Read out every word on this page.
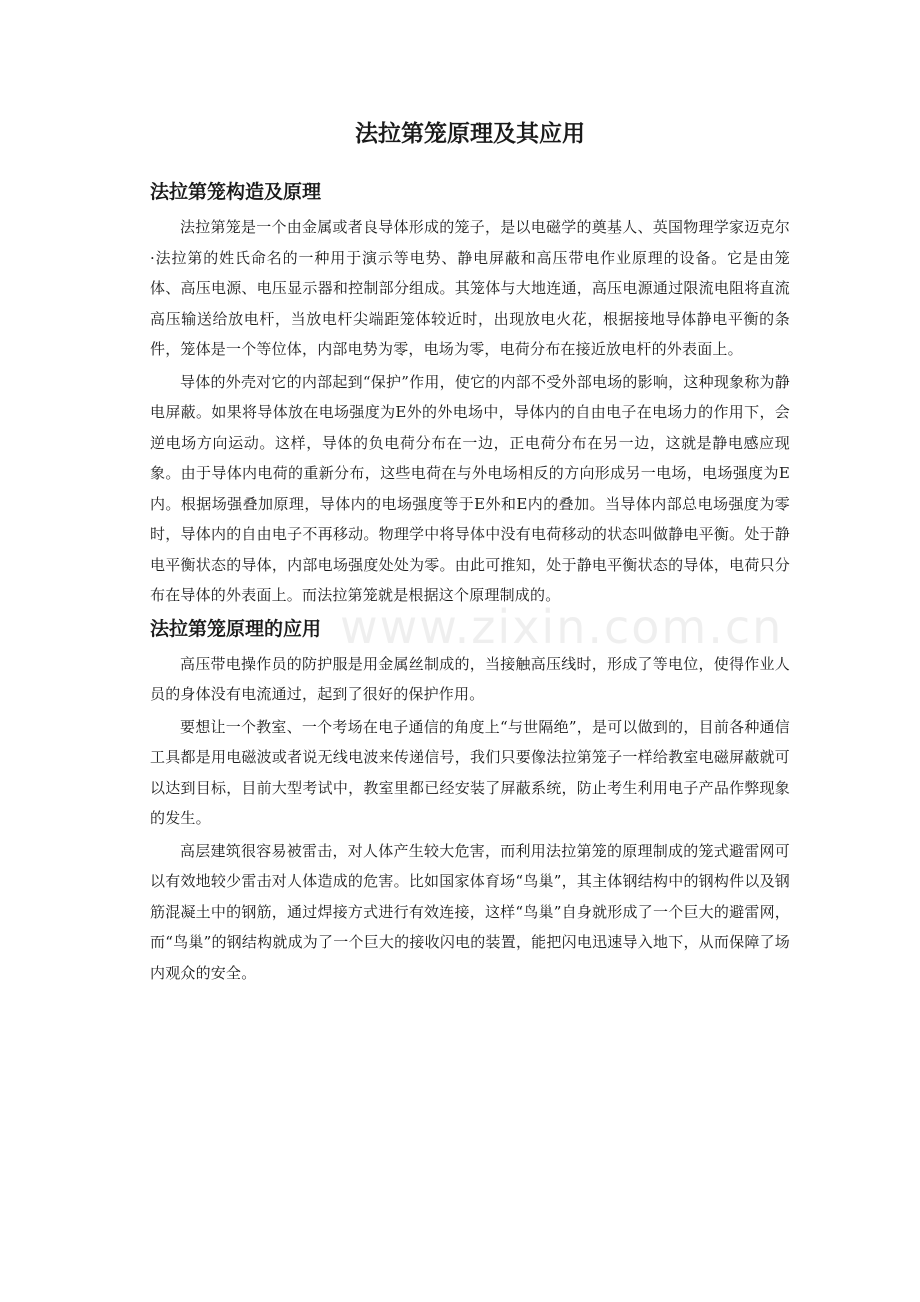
www.zixin.com.cn
法拉第笼原理及其应用
法拉第笼构造及原理

法拉第笼是一个由金属或者良导体形成的笼子，是以电磁学的奠基人、英国物理学家迈克尔·法拉第的姓氏命名的一种用于演示等电势、静电屏蔽和高压带电作业原理的设备。它是由笼体、高压电源、电压显示器和控制部分组成。其笼体与大地连通，高压电源通过限流电阻将直流高压输送给放电杆，当放电杆尖端距笼体较近时，出现放电火花，根据接地导体静电平衡的条件，笼体是一个等位体，内部电势为零，电场为零，电荷分布在接近放电杆的外表面上。

导体的外壳对它的内部起到“保护”作用，使它的内部不受外部电场的影响，这种现象称为静电屏蔽。如果将导体放在电场强度为E外的外电场中，导体内的自由电子在电场力的作用下，会逆电场方向运动。这样，导体的负电荷分布在一边，正电荷分布在另一边，这就是静电感应现象。由于导体内电荷的重新分布，这些电荷在与外电场相反的方向形成另一电场，电场强度为E内。根据场强叠加原理，导体内的电场强度等于E外和E内的叠加。当导体内部总电场强度为零时，导体内的自由电子不再移动。物理学中将导体中没有电荷移动的状态叫做静电平衡。处于静电平衡状态的导体，内部电场强度处处为零。由此可推知，处于静电平衡状态的导体，电荷只分布在导体的外表面上。而法拉第笼就是根据这个原理制成的。

法拉第笼原理的应用

高压带电操作员的防护服是用金属丝制成的，当接触高压线时，形成了等电位，使得作业人员的身体没有电流通过，起到了很好的保护作用。

要想让一个教室、一个考场在电子通信的角度上“与世隔绝”，是可以做到的，目前各种通信工具都是用电磁波或者说无线电波来传递信号，我们只要像法拉第笼子一样给教室电磁屏蔽就可以达到目标，目前大型考试中，教室里都已经安装了屏蔽系统，防止考生利用电子产品作弊现象的发生。

高层建筑很容易被雷击，对人体产生较大危害，而利用法拉第笼的原理制成的笼式避雷网可以有效地较少雷击对人体造成的危害。比如国家体育场“鸟巢”，其主体钢结构中的钢构件以及钢筋混凝土中的钢筋，通过焊接方式进行有效连接，这样“鸟巢”自身就形成了一个巨大的避雷网，而“鸟巢”的钢结构就成为了一个巨大的接收闪电的装置，能把闪电迅速导入地下，从而保障了场内观众的安全。
